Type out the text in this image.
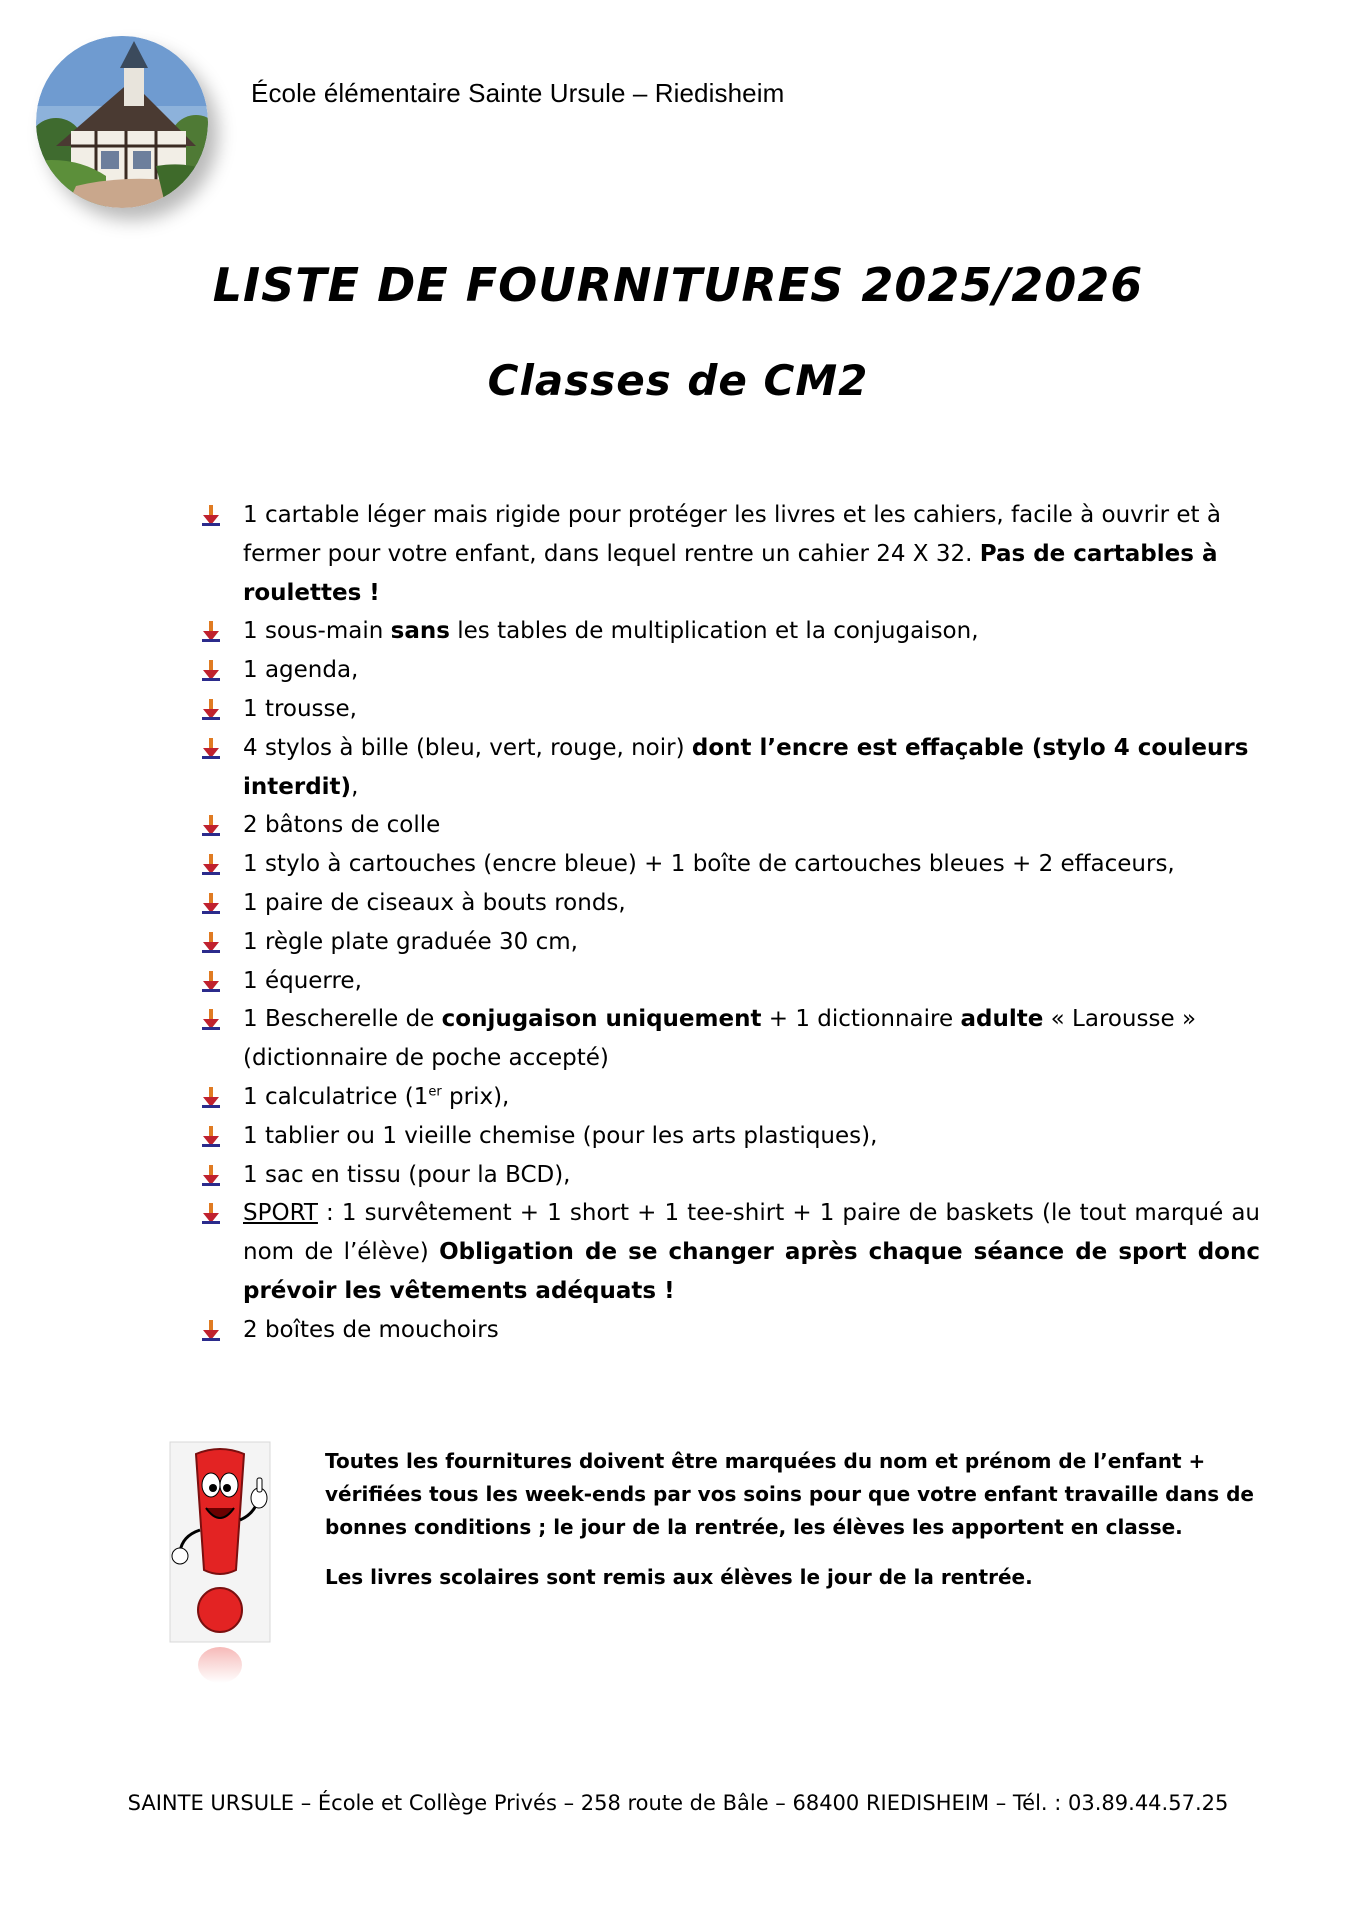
École élémentaire Sainte Ursule – Riedisheim
LISTE DE FOURNITURES 2025/2026
Classes de CM2
1 cartable léger mais rigide pour protéger les livres et les cahiers, facile à ouvrir et à fermer pour votre enfant, dans lequel rentre un cahier 24 X 32. Pas de cartables à roulettes !
1 sous-main sans les tables de multiplication et la conjugaison,
1 agenda,
1 trousse,
4 stylos à bille (bleu, vert, rouge, noir) dont l’encre est effaçable (stylo 4 couleurs interdit),
2 bâtons de colle
1 stylo à cartouches (encre bleue) + 1 boîte de cartouches bleues + 2 effaceurs,
1 paire de ciseaux à bouts ronds,
1 règle plate graduée 30 cm,
1 équerre,
1 Bescherelle de conjugaison uniquement + 1 dictionnaire adulte « Larousse » (dictionnaire de poche accepté)
1 calculatrice (1er prix),
1 tablier ou 1 vieille chemise (pour les arts plastiques),
1 sac en tissu (pour la BCD),
SPORT : 1 survêtement + 1 short + 1 tee-shirt + 1 paire de baskets (le tout marqué au nom de l’élève) Obligation de se changer après chaque séance de sport donc prévoir les vêtements adéquats !
2 boîtes de mouchoirs

Toutes les fournitures doivent être marquées du nom et prénom de l’enfant + vérifiées tous les week-ends par vos soins pour que votre enfant travaille dans de bonnes conditions ; le jour de la rentrée, les élèves les apportent en classe.

Les livres scolaires sont remis aux élèves le jour de la rentrée.

SAINTE URSULE – École et Collège Privés – 258 route de Bâle – 68400 RIEDISHEIM – Tél. : 03.89.44.57.25
